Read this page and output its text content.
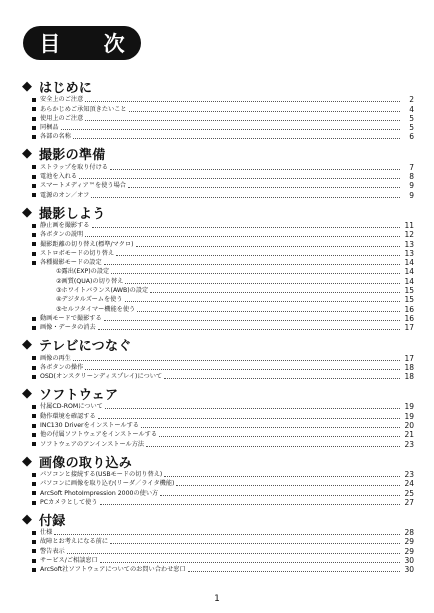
目 次
◆ はじめに
安全上のご注意	2
あらかじめご承知頂きたいこと	4
使用上のご注意	5
同梱品	5
各部の名称	6
◆ 撮影の準備
ストラップを取り付ける	7
電池を入れる	8
スマートメディア™を使う場合	9
電源のオン／オフ	9
◆ 撮影しよう
静止画を撮影する	11
各ボタンの説明	12
撮影距離の切り替え(標準/マクロ)	13
ストロボモードの切り替え	13
各種撮影モードの設定	14
①露出(EXP)の設定	14
②画質(QUA)の切り替え	14
③ホワイトバランス(AWB)の設定	15
④デジタルズームを使う	15
⑤セルフタイマー機能を使う	16
動画モードで撮影する	16
画像・データの消去	17
◆ テレビにつなぐ
画像の再生	17
各ボタンの操作	18
OSD(オンスクリーンディスプレイ)について	18
◆ ソフトウェア
付属CD-ROMについて	19
動作環境を確認する	19
INC130 Driverをインストールする	20
他の付属ソフトウェアをインストールする	21
ソフトウェアのアンインストール方法	23
◆ 画像の取り込み
パソコンと接続する(USBモードの切り替え)	23
パソコンに画像を取り込む(リーダ／ライタ機能)	24
ArcSoft PhotoImpression 2000の使い方	25
PCカメラとして使う	27
◆ 付録
仕様	28
故障とお考えになる前に	29
警告表示	29
サービス/ご相談窓口	30
ArcSoft社ソフトウェアについてのお問い合わせ窓口	30
1
